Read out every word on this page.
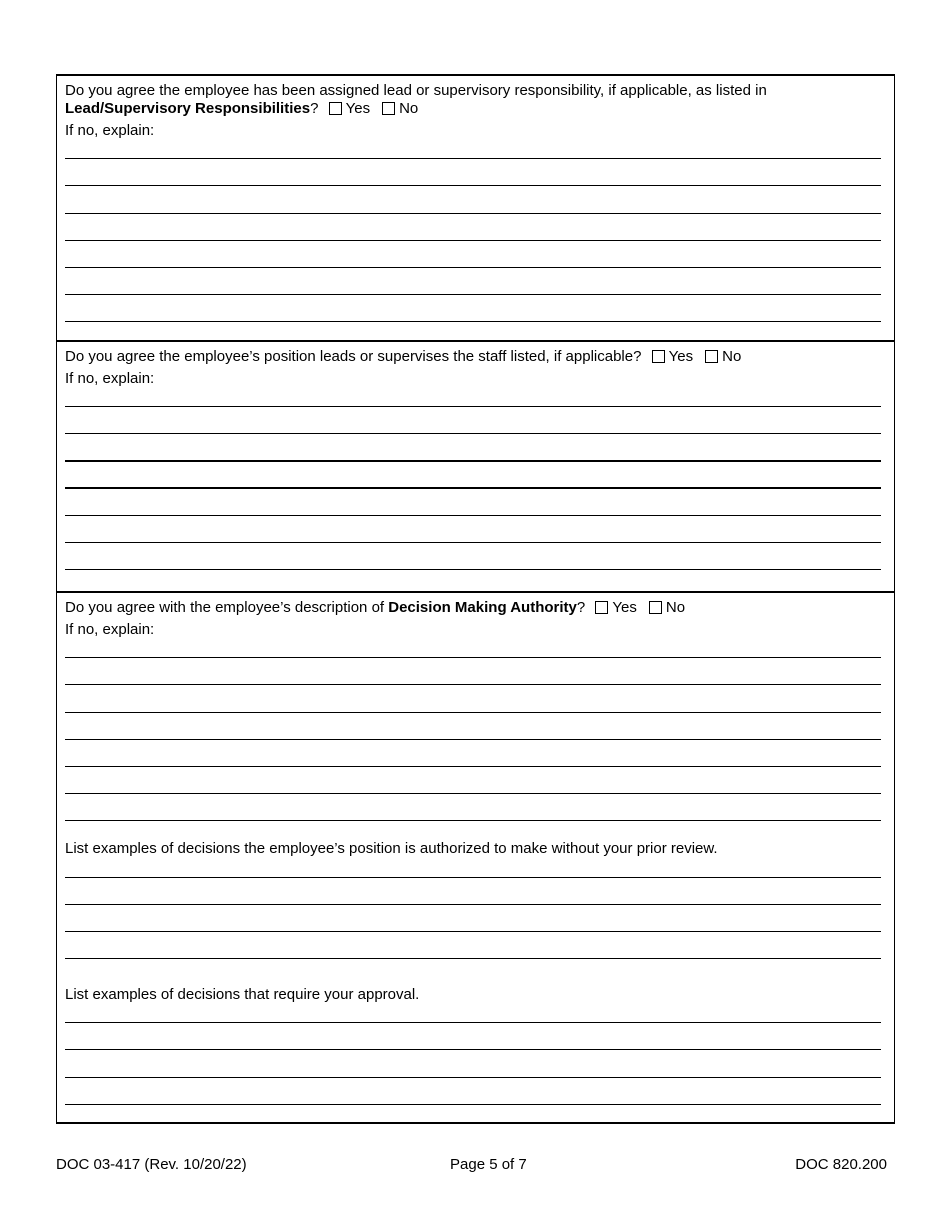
Do you agree the employee has been assigned lead or supervisory responsibility, if applicable, as listed in
Lead/Supervisory Responsibilities? Yes No

If no, explain:

Do you agree the employee’s position leads or supervises the staff listed, if applicable? Yes No

If no, explain:

Do you agree with the employee’s description of Decision Making Authority? Yes No

If no, explain:

List examples of decisions the employee’s position is authorized to make without your prior review.

List examples of decisions that require your approval.

DOC 03-417 (Rev. 10/20/22)	Page 5 of 7	DOC 820.200
